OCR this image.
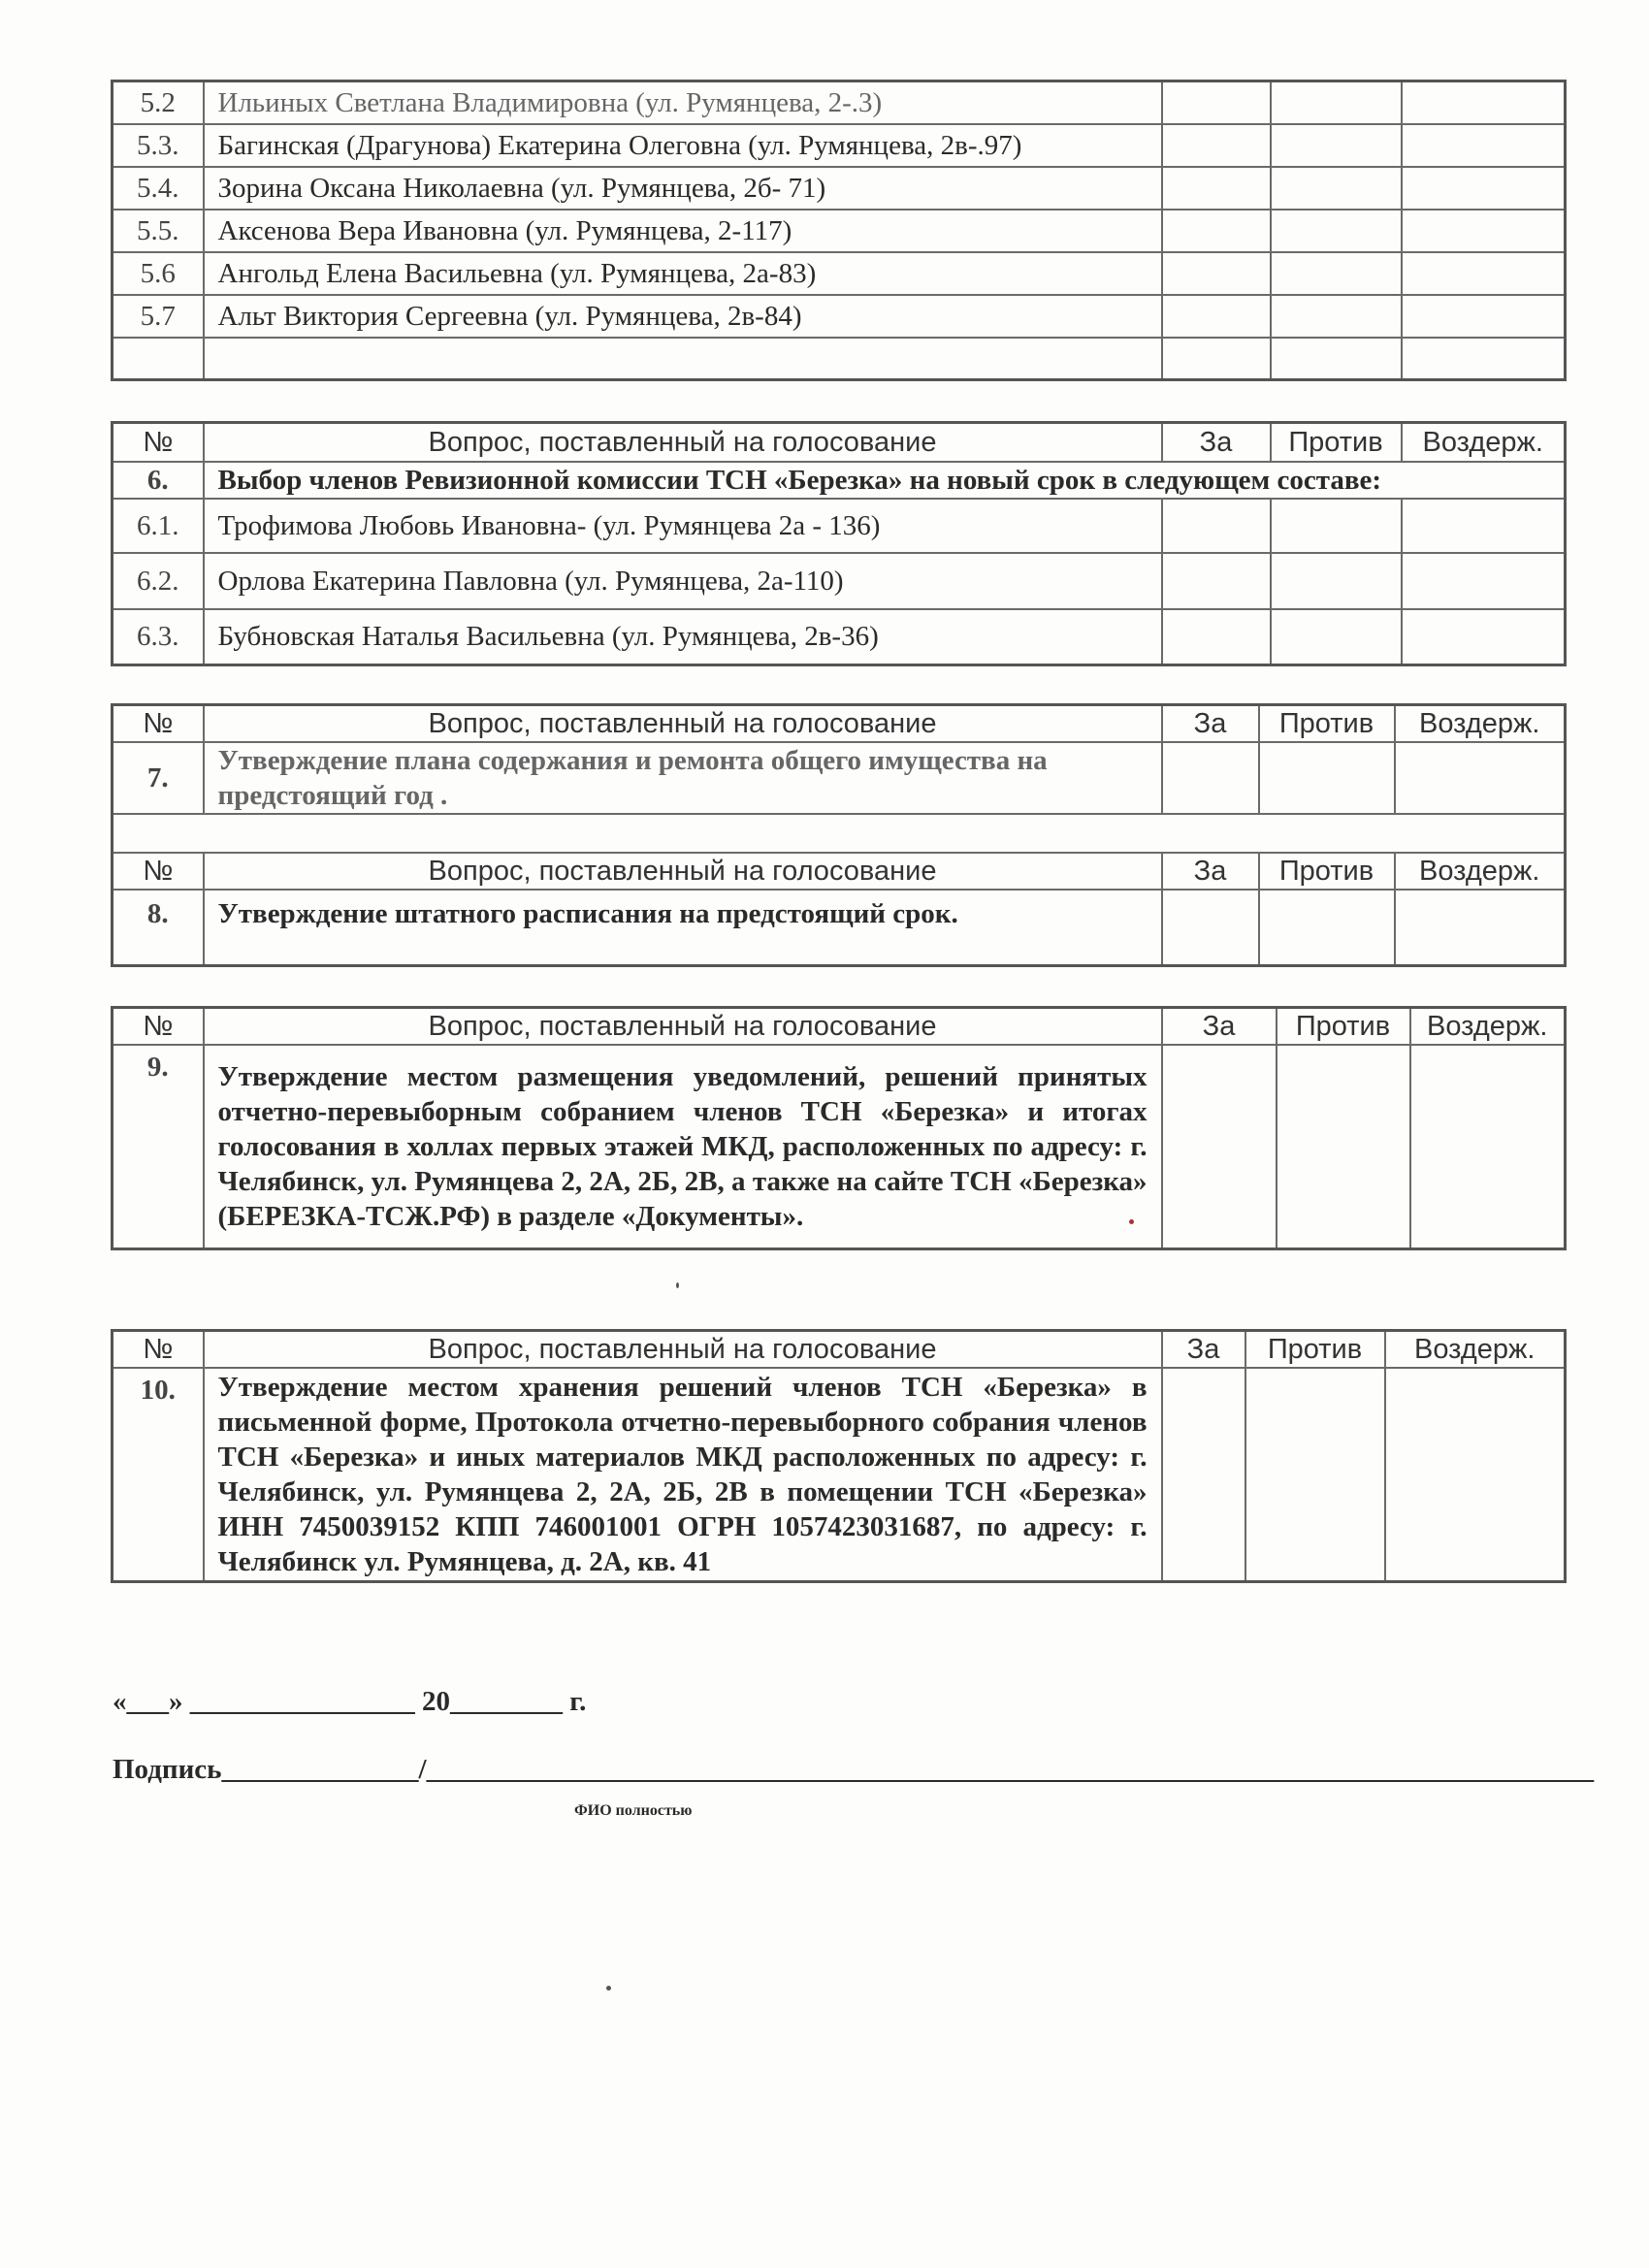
5.2	Ильиных Светлана Владимировна (ул. Румянцева, 2-.3)			
5.3.	Багинская (Драгунова) Екатерина Олеговна (ул. Румянцева, 2в-.97)			
5.4.	Зорина Оксана Николаевна (ул. Румянцева, 2б- 71)			
5.5.	Аксенова Вера Ивановна (ул. Румянцева, 2-117)			
5.6	Ангольд Елена Васильевна (ул. Румянцева, 2а-83)			
5.7	Альт Виктория Сергеевна (ул. Румянцева, 2в-84)			

№	Вопрос, поставленный на голосование	За	Против	Воздерж.
6.	Выбор членов Ревизионной комиссии ТСН «Березка» на новый срок в следующем составе:			
6.1.	Трофимова Любовь Ивановна- (ул. Румянцева 2а - 136)			
6.2.	Орлова Екатерина Павловна (ул. Румянцева, 2а-110)			
6.3.	Бубновская Наталья Васильевна (ул. Румянцева, 2в-36)			
№	Вопрос, поставленный на голосование	За	Против	Воздерж.
7.	Утверждение плана содержания и ремонта общего имущества на предстоящий год .			

№	Вопрос, поставленный на голосование	За	Против	Воздерж.
8.	Утверждение штатного расписания на предстоящий срок.			
№	Вопрос, поставленный на голосование	За	Против	Воздерж.
9.	Утверждение местом размещения уведомлений, решений принятых отчетно-перевыборным собранием членов ТСН «Березка» и итогах голосования в холлах первых этажей МКД, расположенных по адресу: г. Челябинск, ул. Румянцева 2, 2А, 2Б, 2В, а также на сайте ТСН «Березка» (БЕРЕЗКА-ТСЖ.РФ) в разделе «Документы».			
№	Вопрос, поставленный на голосование	За	Против	Воздерж.
10.	Утверждение местом хранения решений членов ТСН «Березка» в письменной форме, Протокола отчетно-перевыборного собрания членов ТСН «Березка» и иных материалов МКД расположенных по адресу: г. Челябинск, ул. Румянцева 2, 2А, 2Б, 2В в помещении ТСН «Березка» ИНН 7450039152 КПП 746001001 ОГРН 1057423031687, по адресу: г. Челябинск ул. Румянцева, д. 2А, кв. 41			
«___» ________________ 20________ г.
Подпись______________/___________________________________________________________________________________
ФИО полностью
